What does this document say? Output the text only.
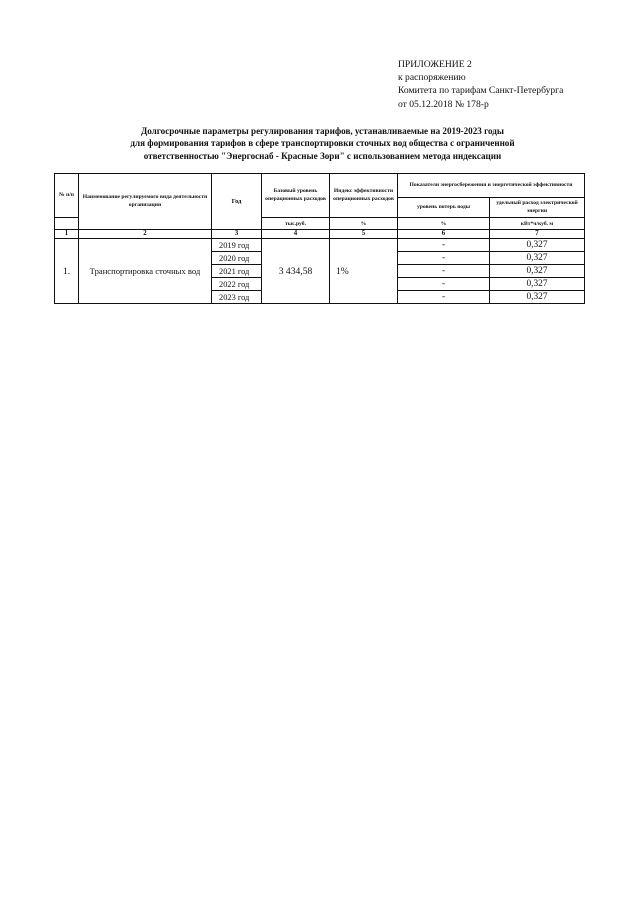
ПРИЛОЖЕНИЕ 2
к распоряжению
Комитета по тарифам Санкт-Петербурга
от 05.12.2018 № 178-р
Долгосрочные параметры регулирования тарифов, устанавливаемые на 2019-2023 годы
для формирования тарифов в сфере транспортировки сточных вод общества с ограниченной
ответственностью "Энергоснаб - Красные Зори" с использованием метода индексации
№ п/п	Наименование регулируемого вида деятельности организации	Год	Базовый уровень операционных расходов	Индекс эффективности операционных расходов	Показатели энергосбережения и энергетической эффективности	
					уровень потерь воды	удельный расход электрической энергии
			тыс.руб.	%	%	кВт*ч/куб. м
1	2	3	4	5	6	7
1.	Транспортировка сточных вод	2019 год	3 434,58	1%	-	0,327
		2020 год			-	0,327
		2021 год			-	0,327
		2022 год			-	0,327
		2023 год			-	0,327
